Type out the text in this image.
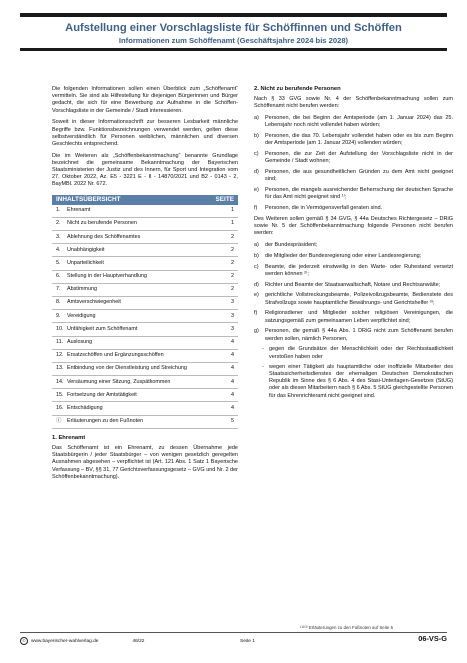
Aufstellung einer Vorschlagsliste für Schöffinnen und Schöffen
Informationen zum Schöffenamt (Geschäftsjahre 2024 bis 2028)

Die folgenden Informationen sollen einen Überblick zum „Schöffenamt“ vermitteln. Sie sind als Hilfestellung für diejenigen Bürgerinnen und Bürger gedacht, die sich für eine Bewerbung zur Aufnahme in die Schöffen-Vorschlagsliste in der Gemeinde / Stadt interessieren.

Soweit in dieser Informationsschrift zur besseren Lesbarkeit männliche Begriffe bzw. Funktionsbezeichnungen verwendet werden, gelten diese selbstverständlich für Personen weiblichen, männlichen und diversen Geschlechts entsprechend.

Die im Weiteren als „Schöffenbekanntmachung“ benannte Grundlage bezeichnet die gemeinsame Bekanntmachung der Bayerischen Staatsministerien der Justiz und des Innern, für Sport und Integration vom 27. Oktober 2022, Az. E5 - 3221 E - II - 14870/2021 und B2 - 0143 - 2, BayMBl. 2022 Nr. 672.

INHALTSÜBERSICHT	SEITE
1. Ehrenamt	1
2. Nicht zu berufende Personen	1
3. Ablehnung des Schöffenamtes	2
4. Unabhängigkeit	2
5. Unparteilichkeit	2
6. Stellung in der Hauptverhandlung	2
7. Abstimmung	2
8. Amtsverschwiegenheit	3
9. Vereidigung	3
10. Unfähigkeit zum Schöffenamt	3
11. Auslosung	4
12. Ersatzschöffen und Ergänzungsschöffen	4
13. Entbindung von der Dienstleistung und Streichung	4
14. Versäumung einer Sitzung, Zuspätkommen	4
15. Fortsetzung der Amtstätigkeit	4
16. Entschädigung	4
ⓘ Erläuterungen zu den Fußnoten	5
1. Ehrenamt

Das Schöffenamt ist ein Ehrenamt, zu dessen Übernahme jede Staatsbürgerin / jeder Staatsbürger – von wenigen gesetzlich geregelten Ausnahmen abgesehen – verpflichtet ist (Art. 121 Abs. 1 Satz 1 Bayerische Verfassung – BV, §§ 31, 77 Gerichtsverfassungsgesetz – GVG und Nr. 2 der Schöffenbekanntmachung).

2. Nicht zu berufende Personen

Nach § 33 GVG sowie Nr. 4 der Schöffenbekanntmachung sollen zum Schöffenamt nicht berufen werden:

a)	Personen, die bei Beginn der Amtsperiode (am 1. Januar 2024) das 25. Lebensjahr noch nicht vollendet haben würden;
b)	Personen, die das 70. Lebensjahr vollendet haben oder es bis zum Beginn der Amtsperiode (am 1. Januar 2024) vollenden würden;
c)	Personen, die zur Zeit der Aufstellung der Vorschlagsliste nicht in der Gemeinde / Stadt wohnen;
d)	Personen, die aus gesundheitlichen Gründen zu dem Amt nicht geeignet sind;
e)	Personen, die mangels ausreichender Beherrschung der deutschen Sprache für das Amt nicht geeignet sind ¹⁾;
f)	Personen, die in Vermögensverfall geraten sind.

Des Weiteren sollen gemäß § 34 GVG, § 44a Deutsches Richtergesetz – DRiG sowie Nr. 5 der Schöffenbekanntmachung folgende Personen nicht berufen werden:

a)	der Bundespräsident;
b)	die Mitglieder der Bundesregierung oder einer Landesregierung;
c)	Beamte, die jederzeit einstweilig in den Warte- oder Ruhestand versetzt werden können ²⁾;
d)	Richter und Beamte der Staatsanwaltschaft, Notare und Rechtsanwälte;
e)	gerichtliche Vollstreckungsbeamte, Polizeivollzugsbeamte, Bedienstete des Strafvollzugs sowie hauptamtliche Bewährungs- und Gerichtshelfer ³⁾;
f)	Religionsdiener und Mitglieder solcher religiösen Vereinigungen, die satzungsgemäß zum gemeinsamen Leben verpflichtet sind;
g)	Personen, die gemäß § 44a Abs. 1 DRiG nicht zum Schöffenamt berufen werden sollen, nämlich Personen,
- gegen die Grundsätze der Menschlichkeit oder der Rechtsstaatlichkeit verstoßen haben oder
- wegen einer Tätigkeit als hauptamtliche oder inoffizielle Mitarbeiter des Staatssicherheitsdienstes der ehemaligen Deutschen Demokratischen Republik im Sinne des § 6 Abs. 4 des Stasi-Unterlagen-Gesetzes (StUG) oder als diesen Mitarbeitern nach § 6 Abs. 5 StUG gleichgestellte Personen für das Ehrenrichteramt nicht geeignet sind.
¹⁾²⁾³⁾ Erläuterungen zu den Fußnoten auf Seite 5
©	www.bayerischer-wahlverlag.de	46/22	Seite 1	06-VS-G
